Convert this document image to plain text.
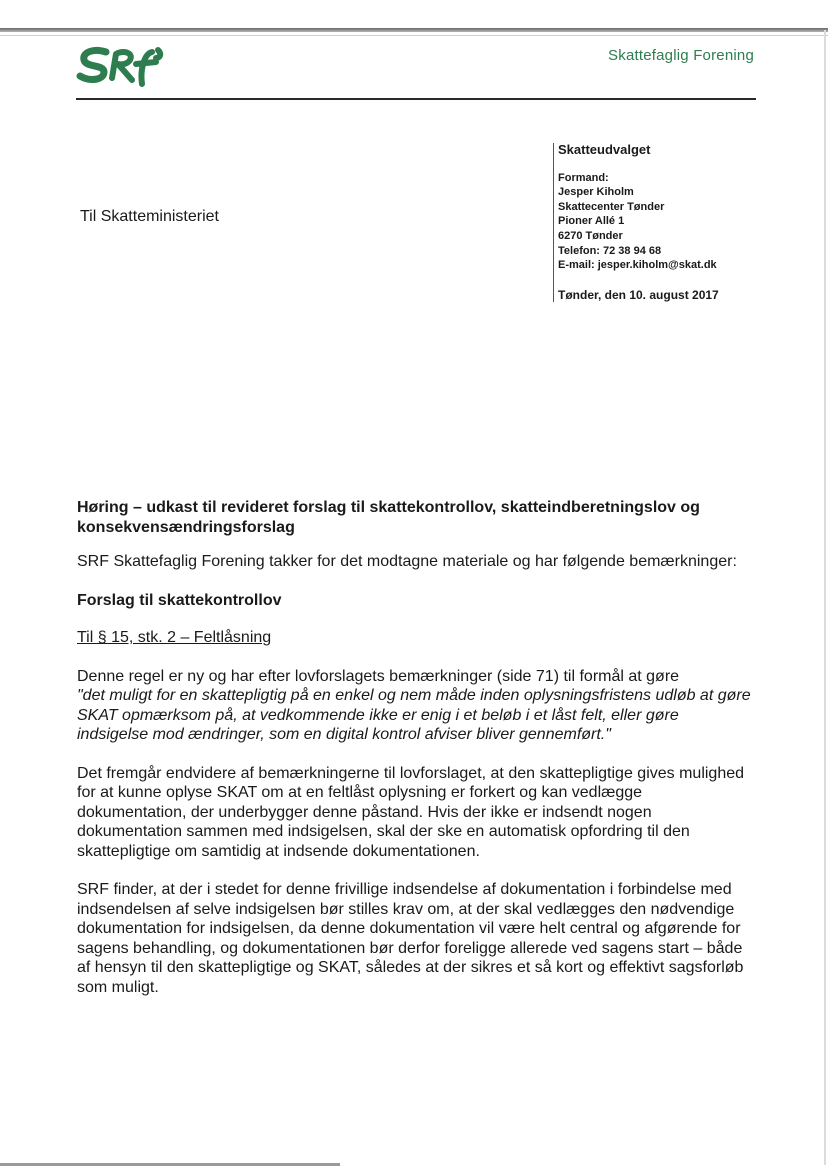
Skattefaglig Forening
Til Skatteministeriet
Skatteudvalget
Formand:
Jesper Kiholm
Skattecenter Tønder
Pioner Allé 1
6270 Tønder
Telefon: 72 38 94 68
E-mail: jesper.kiholm@skat.dk
Tønder, den 10. august 2017
Høring – udkast til revideret forslag til skattekontrollov, skatteindberetningslov og konsekvensændringsforslag

SRF Skattefaglig Forening takker for det modtagne materiale og har følgende bemærkninger:

Forslag til skattekontrollov

Til § 15, stk. 2 – Feltlåsning

Denne regel er ny og har efter lovforslagets bemærkninger (side 71) til formål at gøre

"det muligt for en skattepligtig på en enkel og nem måde inden oplysningsfristens udløb at gøre SKAT opmærksom på, at vedkommende ikke er enig i et beløb i et låst felt, eller gøre indsigelse mod ændringer, som en digital kontrol afviser bliver gennemført."

Det fremgår endvidere af bemærkningerne til lovforslaget, at den skattepligtige gives mulighed for at kunne oplyse SKAT om at en feltlåst oplysning er forkert og kan vedlægge dokumentation, der underbygger denne påstand. Hvis der ikke er indsendt nogen dokumentation sammen med indsigelsen, skal der ske en automatisk opfordring til den skattepligtige om samtidig at indsende dokumentationen.

SRF finder, at der i stedet for denne frivillige indsendelse af dokumentation i forbindelse med indsendelsen af selve indsigelsen bør stilles krav om, at der skal vedlægges den nødvendige dokumentation for indsigelsen, da denne dokumentation vil være helt central og afgørende for sagens behandling, og dokumentationen bør derfor foreligge allerede ved sagens start – både af hensyn til den skattepligtige og SKAT, således at der sikres et så kort og effektivt sagsforløb som muligt.
